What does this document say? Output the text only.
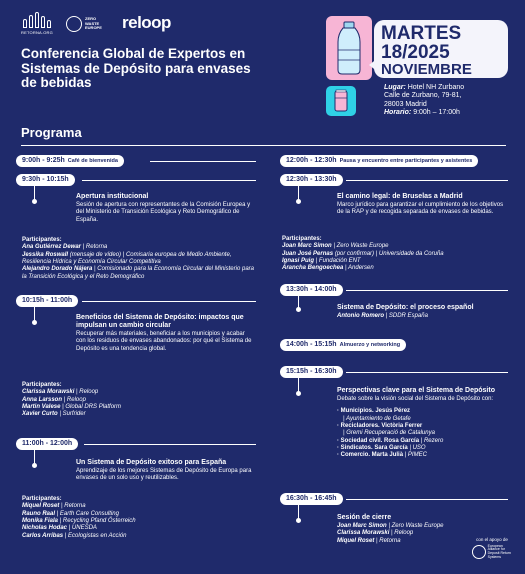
RETORNA.ORG
ZERO
WASTE
EUROPE reloop
Conferencia Global de Expertos en Sistemas de Depósito para envases de bebidas
MARTES
18/2025
NOVIEMBRE
Lugar: Hotel NH Zurbano
Calle de Zurbano, 79-81,
28003 Madrid
Horario: 9:00h – 17:00h
Programa
9:00h - 9:25h Café de bienvenida
9:30h - 10:15h
Apertura institucional
Sesión de apertura con representantes de la Comisión Europea y del Ministerio de Transición Ecológica y Reto Demográfico de España.
Participantes:
Ana Gutiérrez Dewar | Retorna
Jessika Roswall (mensaje de vídeo) | Comisaria europea de Medio Ambiente, Resiliencia Hídrica y Economía Circular Competitiva
Alejandro Dorado Nájera | Comisionado para la Economía Circular del Ministerio para la Transición Ecológica y el Reto Demográfico
10:15h - 11:00h
Beneficios del Sistema de Depósito: impactos que impulsan un cambio circular
Recuperar más materiales, beneficiar a los municipios y acabar con los residuos de envases abandonados: por qué el Sistema de Depósito es una tendencia global.
Participantes:
Clarissa Morawski | Reloop
Anna Larsson | Reloop
Martin Valese | Global DRS Platform
Xavier Curto | Surfrider
11:00h - 12:00h
Un Sistema de Depósito exitoso para España
Aprendizaje de los mejores Sistemas de Depósito de Europa para envases de un solo uso y reutilizables.
Participantes:
Miquel Roset | Retorna
Rauno Raal | Earth Care Consulting
Monika Fiala | Recycling Pfand Österreich
Nicholas Hodac | UNESDA
Carlos Arribas | Ecologistas en Acción
12:00h - 12:30h Pausa y encuentro entre participantes y asistentes
12:30h - 13:30h
El camino legal: de Bruselas a Madrid
Marco jurídico para garantizar el cumplimiento de los objetivos de la RAP y de recogida separada de envases de bebidas.
Participantes:
Joan Marc Simon | Zero Waste Europe
Juan José Pernas (por confirmar) | Universidade da Coruña
Ignasi Puig | Fundación ENT
Arancha Bengoechea | Andersen
13:30h - 14:00h
Sistema de Depósito: el proceso español
Antonio Romero | SDDR España
14:00h - 15:15h Almuerzo y networking
15:15h - 16:30h
Perspectivas clave para el Sistema de Depósito
Debate sobre la visión social del Sistema de Depósito con:
· Municipios. Jesús Pérez
| Ayuntamiento de Getafe
· Recicladores. Victòria Ferrer
| Gremi Recuperació de Catalunya
· Sociedad civil. Rosa García | Rezero
· Sindicatos. Sara García | USO
· Comercio. Marta Julià | PIMEC
16:30h - 16:45h
Sesión de cierre
Joan Marc Simon | Zero Waste Europe
Clarissa Morawski | Reloop
Miquel Roset | Retorna	con el apoyo de
European Alliance for Deposit Return Systems
